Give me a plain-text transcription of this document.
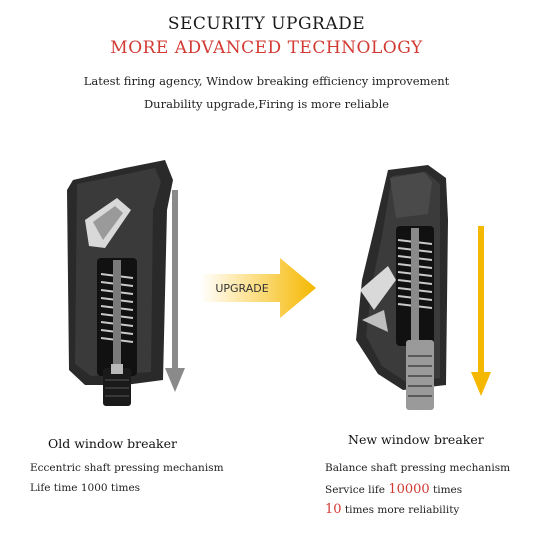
SECURITY UPGRADE
MORE ADVANCED TECHNOLOGY
Latest firing agency, Window breaking efficiency improvement
Durability upgrade,Firing is more reliable
UPGRADE
Old window breaker
Eccentric shaft pressing mechanism
Life time 1000 times
New window breaker
Balance shaft pressing mechanism
Service life 10000 times
10 times more reliability
